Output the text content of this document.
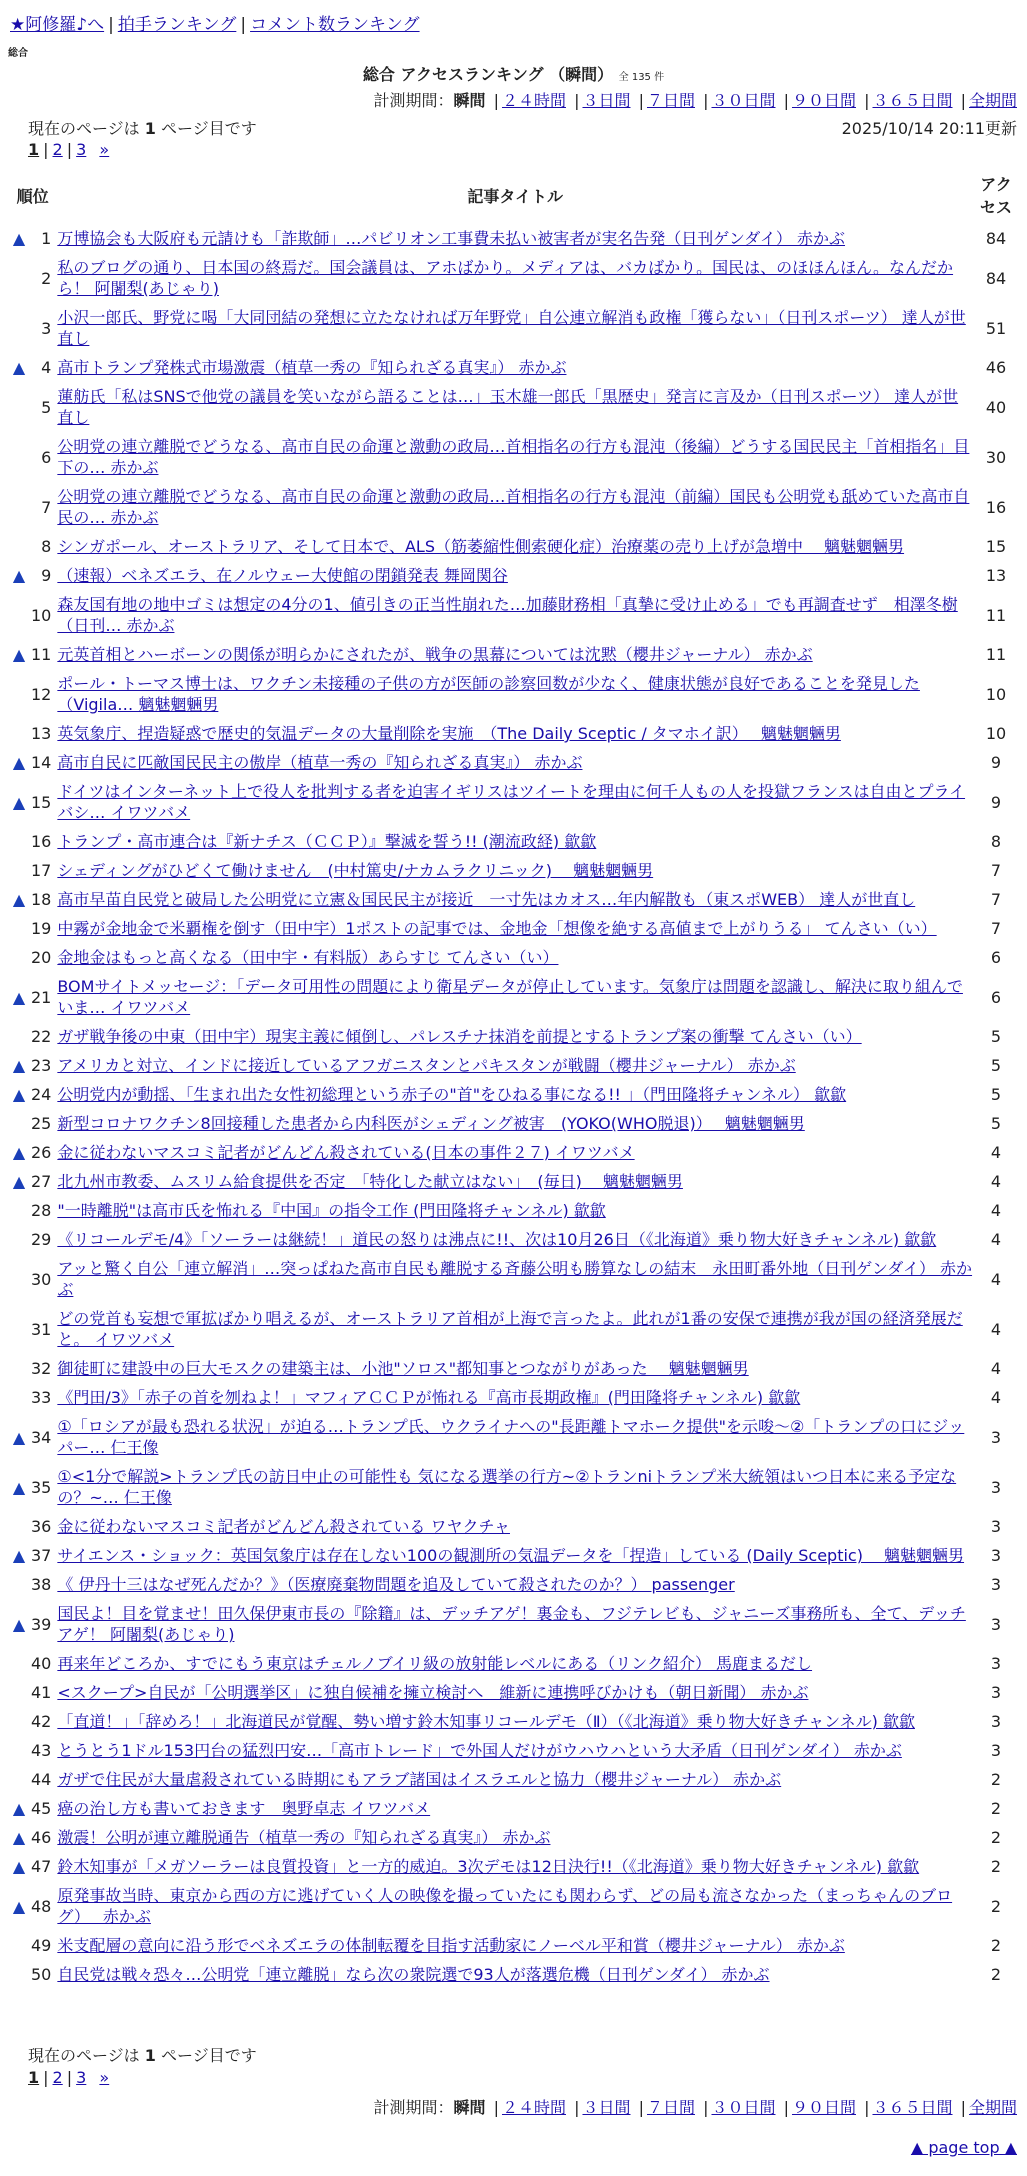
★阿修羅♪へ | 拍手ランキング | コメント数ランキング
総合
総合 アクセスランキング （瞬間） 全 135 件
計測期間：瞬間 | ２４時間 | ３日間 | ７日間 | ３０日間 | ９０日間 | ３６５日間 | 全期間
現在のページは 1 ページ目です	2025/10/14 20:11更新
1 | 2 | 3 »
順位		記事タイトル	アクセス
▲	1	万博協会も大阪府も元請けも「詐欺師」…パビリオン工事費未払い被害者が実名告発（日刊ゲンダイ） 赤かぶ	84
	2	私のブログの通り、日本国の終焉だ。国会議員は、アホばかり。メディアは、バカばかり。国民は、のほほんほん。なんだから！ 阿闍梨(あじゃり)	84
	3	小沢一郎氏、野党に喝「大同団結の発想に立たなければ万年野党」自公連立解消も政権「獲らない」（日刊スポーツ） 達人が世直し	51
▲	4	高市トランプ発株式市場激震（植草一秀の『知られざる真実』） 赤かぶ	46
	5	蓮舫氏「私はSNSで他党の議員を笑いながら語ることは…」玉木雄一郎氏「黒歴史」発言に言及か（日刊スポーツ） 達人が世直し	40
	6	公明党の連立離脱でどうなる、高市自民の命運と激動の政局…首相指名の行方も混沌（後編）どうする国民民主「首相指名」目下の… 赤かぶ	30
	7	公明党の連立離脱でどうなる、高市自民の命運と激動の政局…首相指名の行方も混沌（前編）国民も公明党も舐めていた高市自民の… 赤かぶ	16
	8	シンガポール、オーストラリア、そして日本で、ALS（筋萎縮性側索硬化症）治療薬の売り上げが急増中　 魑魅魍魎男	15
▲	9	（速報）ベネズエラ、在ノルウェー大使館の閉鎖発表 舞岡関谷	13
	10	森友国有地の地中ゴミは想定の4分の1、値引きの正当性崩れた…加藤財務相「真摯に受け止める」でも再調査せず　相澤冬樹（日刊… 赤かぶ	11
▲	11	元英首相とハーボーンの関係が明らかにされたが、戦争の黒幕については沈黙（櫻井ジャーナル） 赤かぶ	11
	12	ポール・トーマス博士は、ワクチン未接種の子供の方が医師の診察回数が少なく、健康状態が良好であることを発見した（Vigila… 魑魅魍魎男	10
	13	英気象庁、捏造疑惑で歴史的気温データの大量削除を実施　（The Daily Sceptic / タマホイ訳）　 魑魅魍魎男	10
▲	14	高市自民に匹敵国民民主の傲岸（植草一秀の『知られざる真実』） 赤かぶ	9
▲	15	ドイツはインターネット上で役人を批判する者を迫害イギリスはツイートを理由に何千人もの人を投獄フランスは自由とプライバシ… イワツバメ	9
	16	トランプ・高市連合は『新ナチス（ＣＣＰ）』撃滅を誓う!! (潮流政経) 歙歙	8
	17	シェディングがひどくて働けません　(中村篤史/ナカムラクリニック)　 魑魅魍魎男	7
▲	18	高市早苗自民党と破局した公明党に立憲＆国民民主が接近　一寸先はカオス…年内解散も（東スポWEB） 達人が世直し	7
	19	中霧が金地金で米覇権を倒す（田中宇）1ポストの記事では、金地金「想像を絶する高値まで上がりうる」 てんさい（い）	7
	20	金地金はもっと高くなる（田中宇・有料版）あらすじ てんさい（い）	6
▲	21	BOMサイトメッセージ：「データ可用性の問題により衛星データが停止しています。気象庁は問題を認識し、解決に取り組んでいま… イワツバメ	6
	22	ガザ戦争後の中東（田中宇）現実主義に傾倒し、パレスチナ抹消を前提とするトランプ案の衝撃 てんさい（い）	5
▲	23	アメリカと対立、インドに接近しているアフガニスタンとパキスタンが戦闘（櫻井ジャーナル） 赤かぶ	5
▲	24	公明党内が動揺、「生まれ出た女性初総理という赤子の"首"をひねる事になる!! 」（門田隆将チャンネル） 歙歙	5
	25	新型コロナワクチン8回接種した患者から内科医がシェディング被害　(YOKO(WHO脱退)）　 魑魅魍魎男	5
▲	26	金に従わないマスコミ記者がどんどん殺されている(日本の事件２７) イワツバメ	4
▲	27	北九州市教委、ムスリム給食提供を否定　「特化した献立はない」　(毎日)　 魑魅魍魎男	4
	28	"一時離脱"は高市氏を怖れる『中国』の指令工作 (門田隆将チャンネル) 歙歙	4
	29	《リコールデモ/4》「ソーラーは継続！」道民の怒りは沸点に!!、次は10月26日（《北海道》乗り物大好きチャンネル) 歙歙	4
	30	アッと驚く自公「連立解消」…突っぱねた高市自民も離脱する斉藤公明も勝算なしの結末　永田町番外地（日刊ゲンダイ） 赤かぶ	4
	31	どの党首も妄想で軍拡ばかり唱えるが、オーストラリア首相が上海で言ったよ。此れが1番の安保で連携が我が国の経済発展だと。 イワツバメ	4
	32	御徒町に建設中の巨大モスクの建築主は、小池"ソロス"都知事とつながりがあった　 魑魅魍魎男	4
	33	《門田/3》「赤子の首を刎ねよ！」マフィアＣＣＰが怖れる『高市長期政権』(門田隆将チャンネル) 歙歙	4
▲	34	①「ロシアが最も恐れる状況」が迫る…トランプ氏、ウクライナへの"長距離トマホーク提供"を示唆～②「トランプの口にジッパー… 仁王像	3
▲	35	①<1分で解説>トランプ氏の訪日中止の可能性も 気になる選挙の行方~②トランniトランプ米大統領はいつ日本に来る予定なの？~… 仁王像	3
	36	金に従わないマスコミ記者がどんどん殺されている ワヤクチャ	3
▲	37	サイエンス・ショック：英国気象庁は存在しない100の観測所の気温データを「捏造」している (Daily Sceptic)　 魑魅魍魎男	3
	38	《 伊丹十三はなぜ死んだか？》（医療廃棄物問題を追及していて殺されたのか？） passenger	3
▲	39	国民よ！目を覚ませ！田久保伊東市長の『除籍』は、デッチアゲ！裏金も、フジテレビも、ジャニーズ事務所も、全て、デッチアゲ！ 阿闍梨(あじゃり)	3
	40	再来年どころか、すでにもう東京はチェルノブイリ級の放射能レベルにある（リンク紹介） 馬鹿まるだし	3
	41	<スクープ>自民が「公明選挙区」に独自候補を擁立検討へ　維新に連携呼びかけも（朝日新聞） 赤かぶ	3
	42	「直道！」「辞めろ！」北海道民が覚醒、勢い増す鈴木知事リコールデモ（Ⅱ）（《北海道》乗り物大好きチャンネル) 歙歙	3
	43	とうとう1ドル153円台の猛烈円安…「高市トレード」で外国人だけがウハウハという大矛盾（日刊ゲンダイ） 赤かぶ	3
	44	ガザで住民が大量虐殺されている時期にもアラブ諸国はイスラエルと協力（櫻井ジャーナル） 赤かぶ	2
▲	45	癌の治し方も書いておきます　奥野卓志 イワツバメ	2
▲	46	激震！公明が連立離脱通告（植草一秀の『知られざる真実』） 赤かぶ	2
▲	47	鈴木知事が「メガソーラーは良質投資」と一方的威迫。3次デモは12日決行!!（《北海道》乗り物大好きチャンネル) 歙歙	2
▲	48	原発事故当時、東京から西の方に逃げていく人の映像を撮っていたにも関わらず、どの局も流さなかった（まっちゃんのブログ）　 赤かぶ	2
	49	米支配層の意向に沿う形でベネズエラの体制転覆を目指す活動家にノーベル平和賞（櫻井ジャーナル） 赤かぶ	2
	50	自民党は戦々恐々…公明党「連立離脱」なら次の衆院選で93人が落選危機（日刊ゲンダイ） 赤かぶ	2
現在のページは 1 ページ目です
1 | 2 | 3 »
計測期間：瞬間 | ２４時間 | ３日間 | ７日間 | ３０日間 | ９０日間 | ３６５日間 | 全期間
▲ page top ▲
